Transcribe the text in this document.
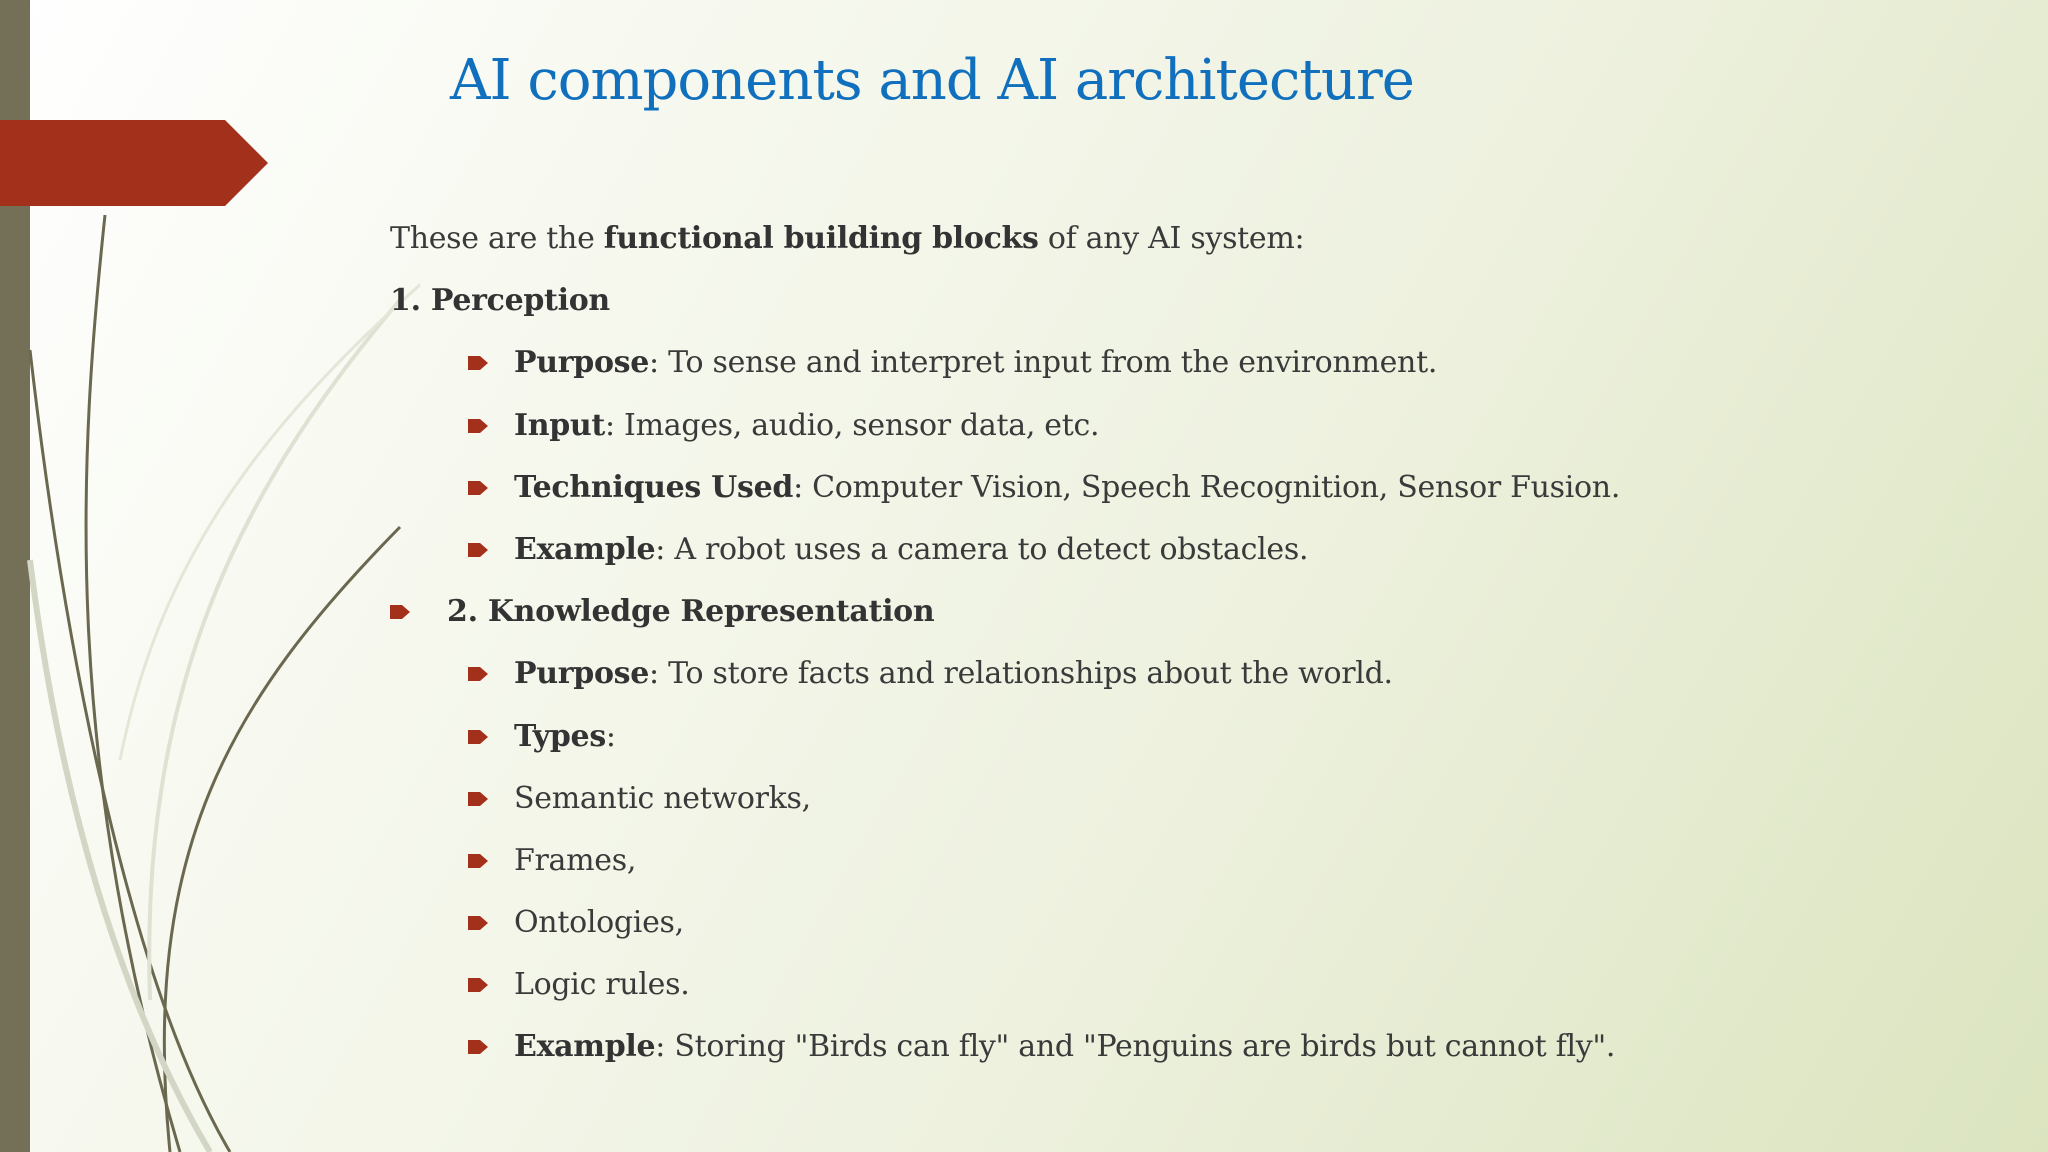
AI components and AI architecture
These are the functional building blocks of any AI system:
1. Perception
Purpose: To sense and interpret input from the environment.
Input: Images, audio, sensor data, etc.
Techniques Used: Computer Vision, Speech Recognition, Sensor Fusion.
Example: A robot uses a camera to detect obstacles.
2. Knowledge Representation
Purpose: To store facts and relationships about the world.
Types:
Semantic networks,
Frames,
Ontologies,
Logic rules.
Example: Storing "Birds can fly" and "Penguins are birds but cannot fly".
